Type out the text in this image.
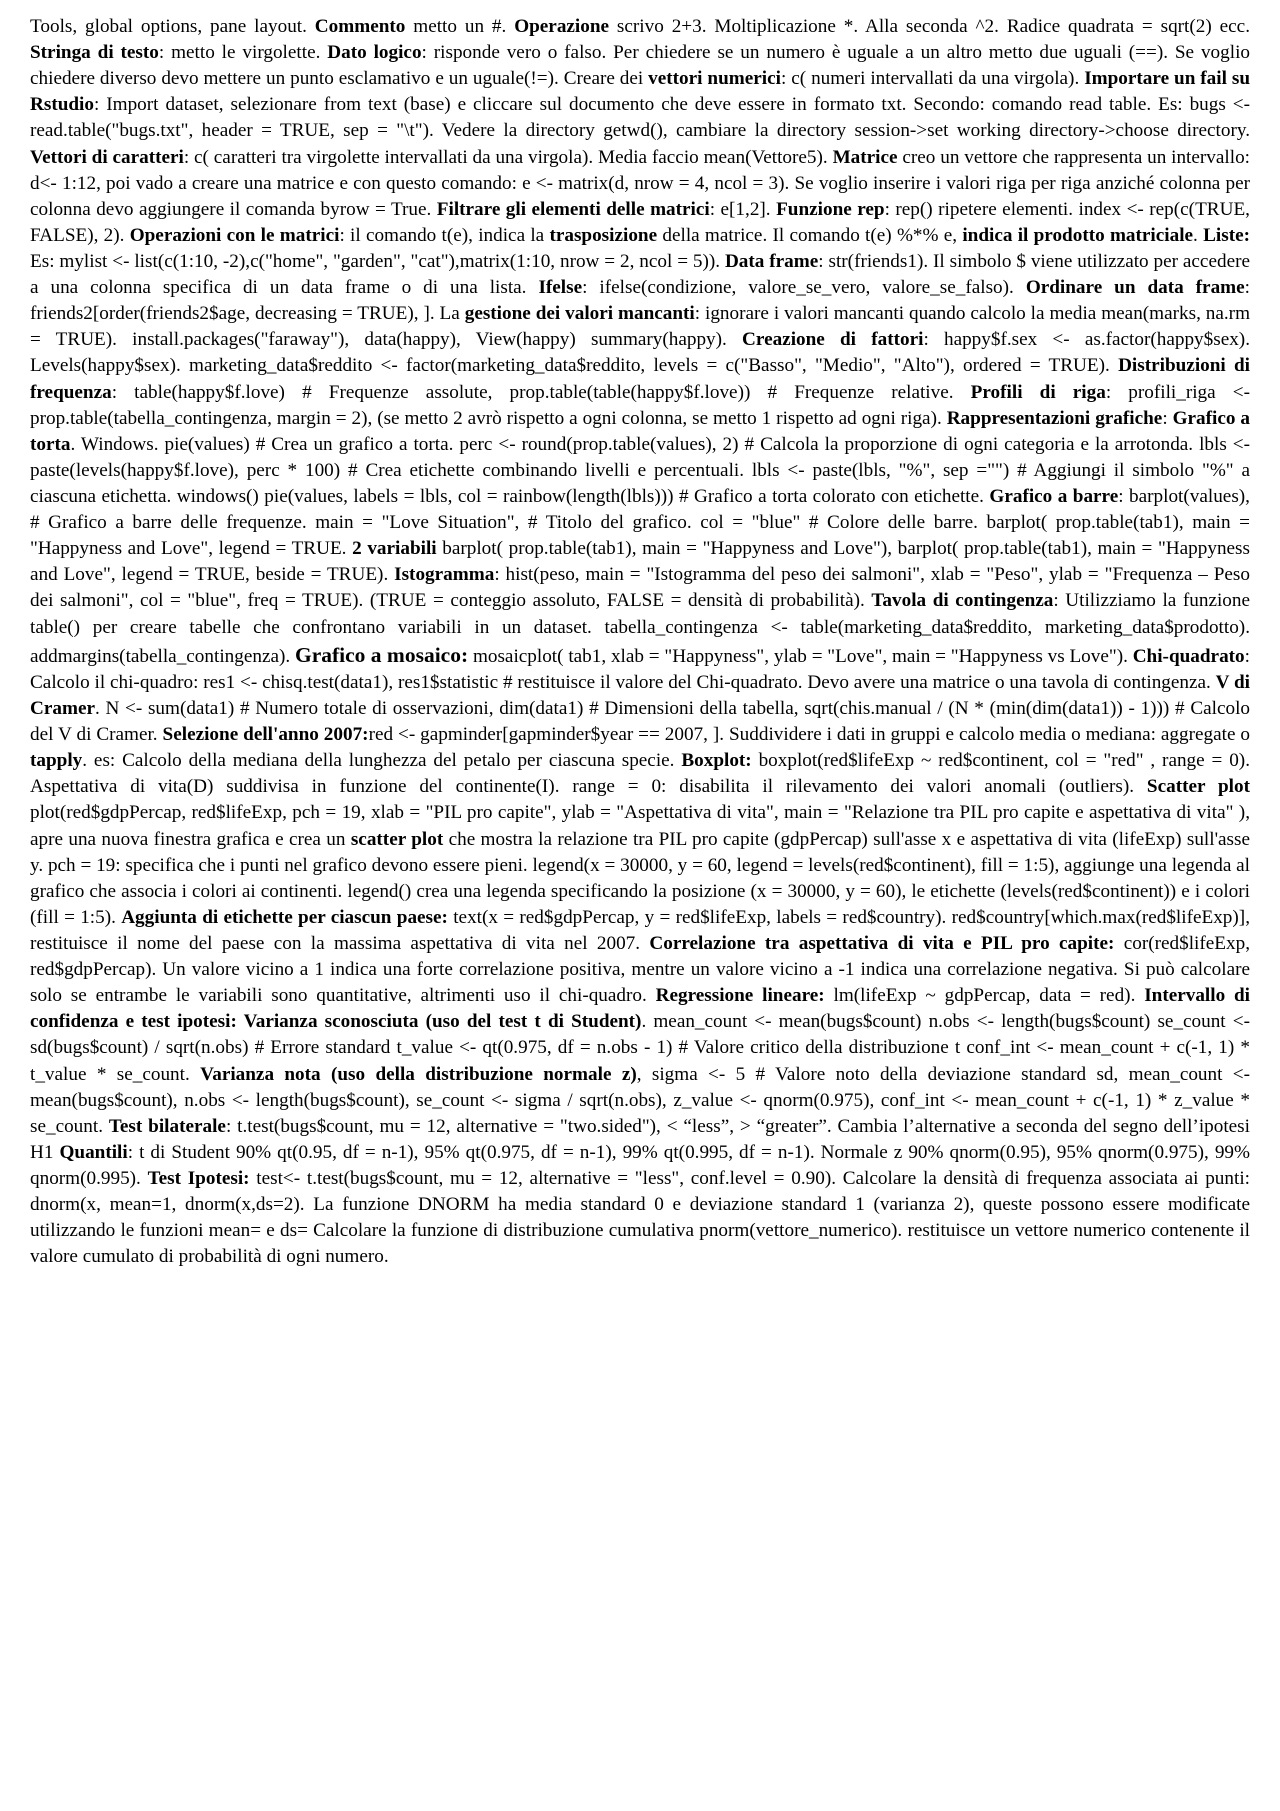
Tools, global options, pane layout. Commento metto un #. Operazione scrivo 2+3. Moltiplicazione *. Alla seconda ^2. Radice quadrata = sqrt(2) ecc. Stringa di testo: metto le virgolette. Dato logico: risponde vero o falso. Per chiedere se un numero è uguale a un altro metto due uguali (==). Se voglio chiedere diverso devo mettere un punto esclamativo e un uguale(!=). Creare dei vettori numerici: c( numeri intervallati da una virgola). Importare un fail su Rstudio: Import dataset, selezionare from text (base) e cliccare sul documento che deve essere in formato txt. Secondo: comando read table. Es: bugs <- read.table("bugs.txt", header = TRUE, sep = "\t"). Vedere la directory getwd(), cambiare la directory session->set working directory->choose directory. Vettori di caratteri: c( caratteri tra virgolette intervallati da una virgola). Media faccio mean(Vettore5). Matrice creo un vettore che rappresenta un intervallo: d<- 1:12, poi vado a creare una matrice e con questo comando: e <- matrix(d, nrow = 4, ncol = 3). Se voglio inserire i valori riga per riga anziché colonna per colonna devo aggiungere il comanda byrow = True. Filtrare gli elementi delle matrici: e[1,2]. Funzione rep: rep() ripetere elementi. index <- rep(c(TRUE, FALSE), 2). Operazioni con le matrici: il comando t(e), indica la trasposizione della matrice. Il comando t(e) %*% e, indica il prodotto matriciale. Liste: Es: mylist <- list(c(1:10, -2),c("home", "garden", "cat"),matrix(1:10, nrow = 2, ncol = 5)). Data frame: str(friends1). Il simbolo $ viene utilizzato per accedere a una colonna specifica di un data frame o di una lista. Ifelse: ifelse(condizione, valore_se_vero, valore_se_falso). Ordinare un data frame: friends2[order(friends2$age, decreasing = TRUE), ]. La gestione dei valori mancanti: ignorare i valori mancanti quando calcolo la media mean(marks, na.rm = TRUE). install.packages("faraway"), data(happy), View(happy) summary(happy). Creazione di fattori: happy$f.sex <- as.factor(happy$sex). Levels(happy$sex). marketing_data$reddito <- factor(marketing_data$reddito, levels = c("Basso", "Medio", "Alto"), ordered = TRUE). Distribuzioni di frequenza: table(happy$f.love) # Frequenze assolute, prop.table(table(happy$f.love)) # Frequenze relative. Profili di riga: profili_riga <- prop.table(tabella_contingenza, margin = 2), (se metto 2 avrò rispetto a ogni colonna, se metto 1 rispetto ad ogni riga). Rappresentazioni grafiche: Grafico a torta. Windows. pie(values) # Crea un grafico a torta. perc <- round(prop.table(values), 2) # Calcola la proporzione di ogni categoria e la arrotonda. lbls <- paste(levels(happy$f.love), perc * 100) # Crea etichette combinando livelli e percentuali. lbls <- paste(lbls, "%", sep ="") # Aggiungi il simbolo "%" a ciascuna etichetta. windows() pie(values, labels = lbls, col = rainbow(length(lbls))) # Grafico a torta colorato con etichette. Grafico a barre: barplot(values), # Grafico a barre delle frequenze. main = "Love Situation", # Titolo del grafico. col = "blue" # Colore delle barre. barplot( prop.table(tab1), main = "Happyness and Love", legend = TRUE. 2 variabili barplot( prop.table(tab1), main = "Happyness and Love"), barplot( prop.table(tab1), main = "Happyness and Love", legend = TRUE, beside = TRUE). Istogramma: hist(peso, main = "Istogramma del peso dei salmoni", xlab = "Peso", ylab = "Frequenza – Peso dei salmoni", col = "blue", freq = TRUE). (TRUE = conteggio assoluto, FALSE = densità di probabilità). Tavola di contingenza: Utilizziamo la funzione table() per creare tabelle che confrontano variabili in un dataset. tabella_contingenza <- table(marketing_data$reddito, marketing_data$prodotto). addmargins(tabella_contingenza). Grafico a mosaico: mosaicplot( tab1, xlab = "Happyness", ylab = "Love", main = "Happyness vs Love"). Chi-quadrato: Calcolo il chi-quadro: res1 <- chisq.test(data1), res1$statistic # restituisce il valore del Chi-quadrato. Devo avere una matrice o una tavola di contingenza. V di Cramer. N <- sum(data1) # Numero totale di osservazioni, dim(data1) # Dimensioni della tabella, sqrt(chis.manual / (N * (min(dim(data1)) - 1))) # Calcolo del V di Cramer. Selezione dell'anno 2007:red <- gapminder[gapminder$year == 2007, ]. Suddividere i dati in gruppi e calcolo media o mediana: aggregate o tapply. es: Calcolo della mediana della lunghezza del petalo per ciascuna specie. Boxplot: boxplot(red$lifeExp ~ red$continent, col = "red" , range = 0). Aspettativa di vita(D) suddivisa in funzione del continente(I). range = 0: disabilita il rilevamento dei valori anomali (outliers). Scatter plot plot(red$gdpPercap, red$lifeExp, pch = 19, xlab = "PIL pro capite", ylab = "Aspettativa di vita", main = "Relazione tra PIL pro capite e aspettativa di vita" ), apre una nuova finestra grafica e crea un scatter plot che mostra la relazione tra PIL pro capite (gdpPercap) sull'asse x e aspettativa di vita (lifeExp) sull'asse y. pch = 19: specifica che i punti nel grafico devono essere pieni. legend(x = 30000, y = 60, legend = levels(red$continent), fill = 1:5), aggiunge una legenda al grafico che associa i colori ai continenti. legend() crea una legenda specificando la posizione (x = 30000, y = 60), le etichette (levels(red$continent)) e i colori (fill = 1:5). Aggiunta di etichette per ciascun paese: text(x = red$gdpPercap, y = red$lifeExp, labels = red$country). red$country[which.max(red$lifeExp)], restituisce il nome del paese con la massima aspettativa di vita nel 2007. Correlazione tra aspettativa di vita e PIL pro capite: cor(red$lifeExp, red$gdpPercap). Un valore vicino a 1 indica una forte correlazione positiva, mentre un valore vicino a -1 indica una correlazione negativa. Si può calcolare solo se entrambe le variabili sono quantitative, altrimenti uso il chi-quadro. Regressione lineare: lm(lifeExp ~ gdpPercap, data = red). Intervallo di confidenza e test ipotesi: Varianza sconosciuta (uso del test t di Student). mean_count <- mean(bugs$count) n.obs <- length(bugs$count) se_count <- sd(bugs$count) / sqrt(n.obs) # Errore standard t_value <- qt(0.975, df = n.obs - 1) # Valore critico della distribuzione t conf_int <- mean_count + c(-1, 1) * t_value * se_count. Varianza nota (uso della distribuzione normale z), sigma <- 5 # Valore noto della deviazione standard sd, mean_count <- mean(bugs$count), n.obs <- length(bugs$count), se_count <- sigma / sqrt(n.obs), z_value <- qnorm(0.975), conf_int <- mean_count + c(-1, 1) * z_value * se_count. Test bilaterale: t.test(bugs$count, mu = 12, alternative = "two.sided"), < “less”, > “greater”. Cambia l’alternative a seconda del segno dell’ipotesi H1 Quantili: t di Student 90% qt(0.95, df = n-1), 95% qt(0.975, df = n-1), 99% qt(0.995, df = n-1). Normale z 90% qnorm(0.95), 95% qnorm(0.975), 99% qnorm(0.995). Test Ipotesi: test<- t.test(bugs$count, mu = 12, alternative = "less", conf.level = 0.90). Calcolare la densità di frequenza associata ai punti: dnorm(x, mean=1, dnorm(x,ds=2). La funzione DNORM ha media standard 0 e deviazione standard 1 (varianza 2), queste possono essere modificate utilizzando le funzioni mean= e ds= Calcolare la funzione di distribuzione cumulativa pnorm(vettore_numerico). restituisce un vettore numerico contenente il valore cumulato di probabilità di ogni numero.
